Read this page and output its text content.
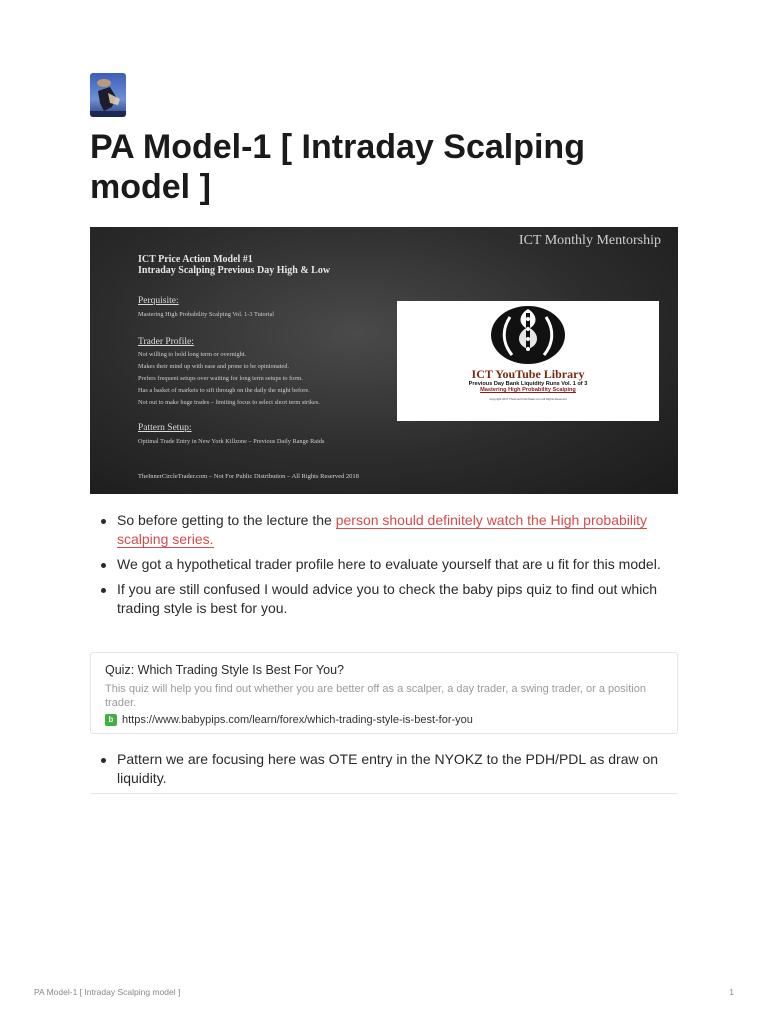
PA Model-1 [ Intraday Scalping model ]
ICT Monthly Mentorship
ICT Price Action Model #1
Intraday Scalping Previous Day High & Low
Perquisite:
Mastering High Probability Scalping Vol. 1-3 Tutorial
Trader Profile:
Not willing to hold long term or overnight.
Makes their mind up with ease and prone to be opinionated.
Prefers frequent setups over waiting for long term setups to form.
Has a basket of markets to sift through on the daily the night before.
Not out to make huge trades – limiting focus to select short term strikes.
Pattern Setup:
Optimal Trade Entry in New York Killzone – Previous Daily Range Raids
TheInnerCircleTrader.com – Not For Public Distribution – All Rights Reserved 2018
ICT YouTube Library
Previous Day Bank Liquidity Runs Vol. 1 of 3
Mastering High Probability Scalping
Copyright 2017 TheInnerCircleTrader.com All Rights Reserved
So before getting to the lecture the person should definitely watch the High probability scalping series.
We got a hypothetical trader profile here to evaluate yourself that are u fit for this model.
If you are still confused I would advice you to check the baby pips quiz to find out which trading style is best for you.
Quiz: Which Trading Style Is Best For You?
This quiz will help you find out whether you are better off as a scalper, a day trader, a swing trader, or a position trader.
b https://www.babypips.com/learn/forex/which-trading-style-is-best-for-you
Pattern we are focusing here was OTE entry in the NYOKZ to the PDH/PDL as draw on liquidity.
PA Model-1 [ Intraday Scalping model ]	1
